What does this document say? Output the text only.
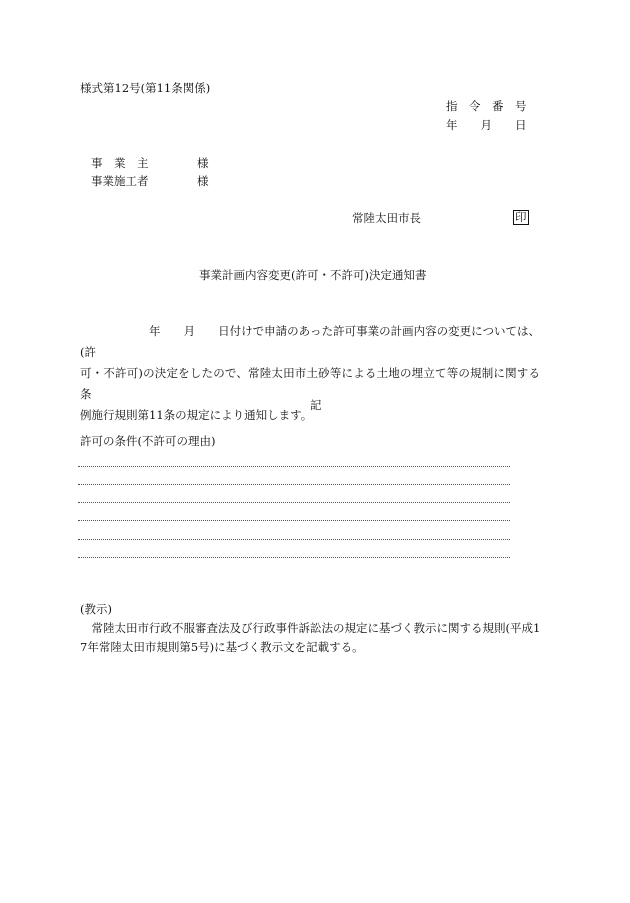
様式第12号(第11条関係)
指　令　番　号
年　　月　　日
事　業　主	様
事業施工者	様
常陸太田市長	印
事業計画内容変更(許可・不許可)決定通知書
　　　　　　年　　月　　日付けで申請のあった許可事業の計画内容の変更については、(許
可・不許可)の決定をしたので、常陸太田市土砂等による土地の埋立て等の規制に関する条
例施行規則第11条の規定により通知します。
記
許可の条件(不許可の理由)
(教示)
　常陸太田市行政不服審査法及び行政事件訴訟法の規定に基づく教示に関する規則(平成1
7年常陸太田市規則第5号)に基づく教示文を記載する。
